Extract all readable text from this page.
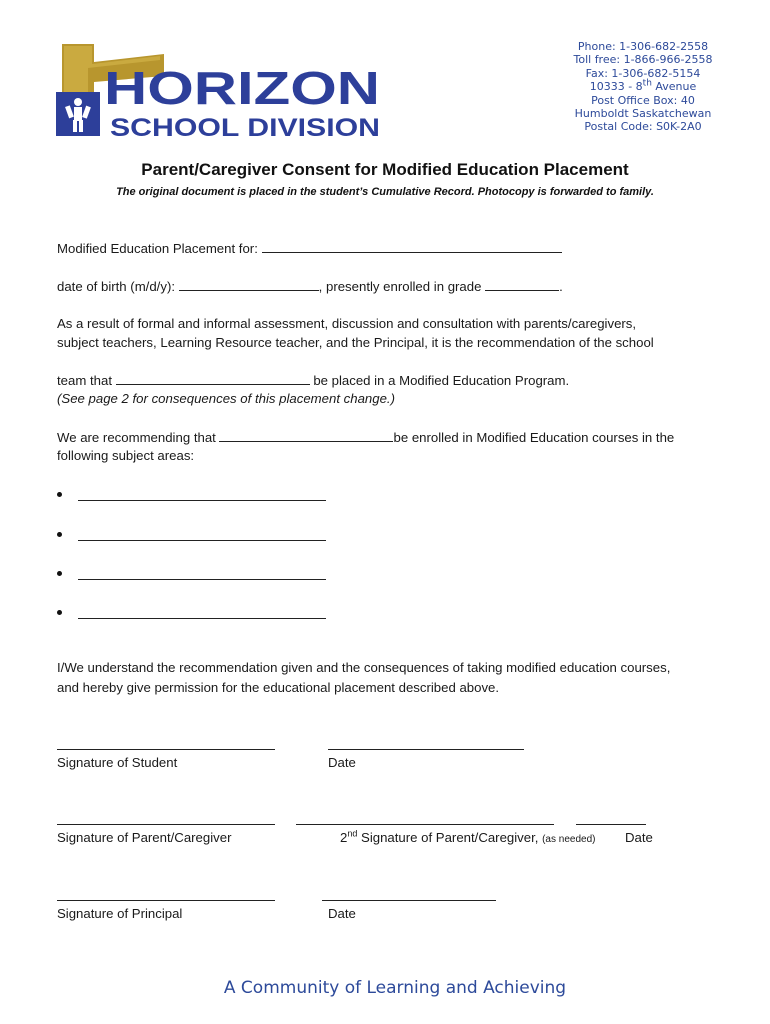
HORIZON
SCHOOL DIVISION
Phone: 1-306-682-2558
Toll free: 1-866-966-2558
Fax: 1-306-682-5154
10333 - 8th Avenue
Post Office Box: 40
Humboldt Saskatchewan
Postal Code: S0K-2A0
Parent/Caregiver Consent for Modified Education Placement
The original document is placed in the student’s Cumulative Record. Photocopy is forwarded to family.
Modified Education Placement for:
date of birth (m/d/y):	, presently enrolled in grade	.
As a result of formal and informal assessment, discussion and consultation with parents/caregivers,
subject teachers, Learning Resource teacher, and the Principal, it is the recommendation of the school
team that	be placed in a Modified Education Program.
(See page 2 for consequences of this placement change.)
We are recommending that	be enrolled in Modified Education courses in the
following subject areas:
I/We understand the recommendation given and the consequences of taking modified education courses,
and hereby give permission for the educational placement described above.
Signature of Student	Date
Signature of Parent/Caregiver	2nd Signature of Parent/Caregiver, (as needed) Date
Signature of Principal	Date
A Community of Learning and Achieving
